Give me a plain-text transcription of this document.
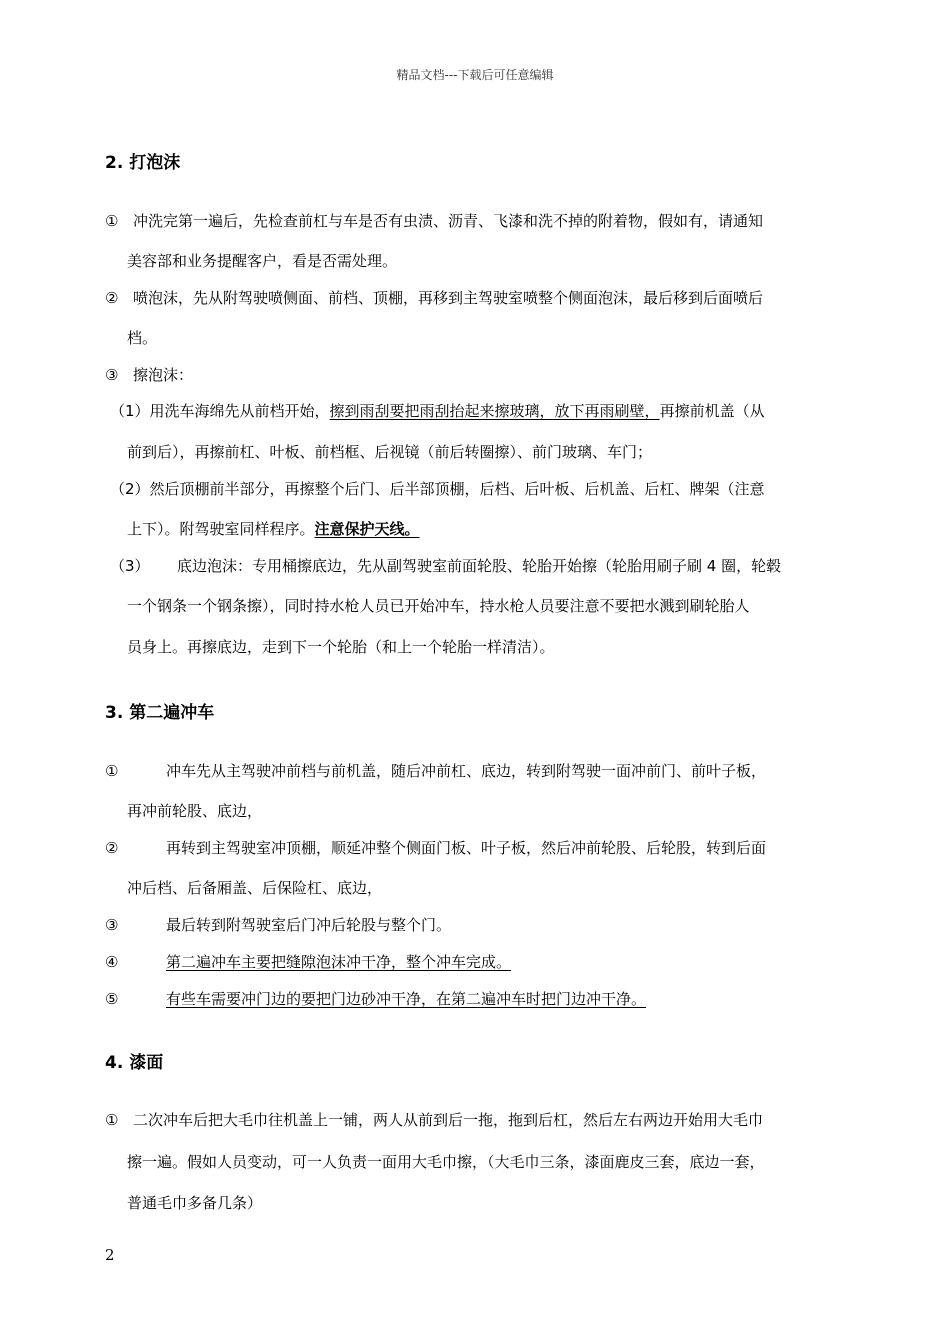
精品文档---下载后可任意编辑
2. 打泡沫
① 冲洗完第一遍后，先检查前杠与车是否有虫渍、沥青、飞漆和洗不掉的附着物，假如有，请通知
美容部和业务提醒客户，看是否需处理。
② 喷泡沫，先从附驾驶喷侧面、前档、顶棚，再移到主驾驶室喷整个侧面泡沫，最后移到后面喷后
档。
③ 擦泡沫：
（1）用洗车海绵先从前档开始，擦到雨刮要把雨刮抬起来擦玻璃，放下再雨刷壁，再擦前机盖（从
前到后），再擦前杠、叶板、前档框、后视镜（前后转圈擦）、前门玻璃、车门；
（2）然后顶棚前半部分，再擦整个后门、后半部顶棚，后档、后叶板、后机盖、后杠、牌架（注意
上下）。附驾驶室同样程序。注意保护天线。
（3） 底边泡沫：专用桶擦底边，先从副驾驶室前面轮股、轮胎开始擦（轮胎用刷子刷 4 圈，轮毂
一个钢条一个钢条擦），同时持水枪人员已开始冲车，持水枪人员要注意不要把水溅到刷轮胎人
员身上。再擦底边，走到下一个轮胎（和上一个轮胎一样清洁）。
3. 第二遍冲车
①	冲车先从主驾驶冲前档与前机盖，随后冲前杠、底边，转到附驾驶一面冲前门、前叶子板，
再冲前轮股、底边，
②	再转到主驾驶室冲顶棚，顺延冲整个侧面门板、叶子板，然后冲前轮股、后轮股，转到后面
冲后档、后备厢盖、后保险杠、底边，
③	最后转到附驾驶室后门冲后轮股与整个门。
④	第二遍冲车主要把缝隙泡沫冲干净，整个冲车完成。
⑤	有些车需要冲门边的要把门边砂冲干净，在第二遍冲车时把门边冲干净。
4. 漆面
① 二次冲车后把大毛巾往机盖上一铺，两人从前到后一拖，拖到后杠，然后左右两边开始用大毛巾
擦一遍。假如人员变动，可一人负责一面用大毛巾擦，（大毛巾三条，漆面鹿皮三套，底边一套，
普通毛巾多备几条）
2
